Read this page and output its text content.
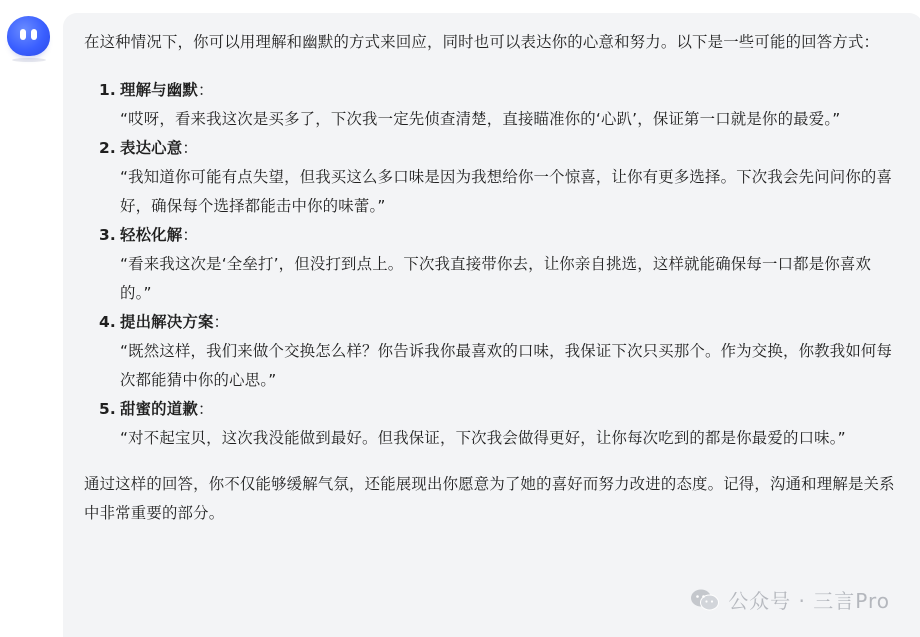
在这种情况下，你可以用理解和幽默的方式来回应，同时也可以表达你的心意和努力。以下是一些可能的回答方式：

1. 理解与幽默：
“哎呀，看来我这次是买多了，下次我一定先侦查清楚，直接瞄准你的‘心趴’，保证第一口就是你的最爱。”
2. 表达心意：
“我知道你可能有点失望，但我买这么多口味是因为我想给你一个惊喜，让你有更多选择。下次我会先问问你的喜好，确保每个选择都能击中你的味蕾。”
3. 轻松化解：
“看来我这次是‘全垒打’，但没打到点上。下次我直接带你去，让你亲自挑选，这样就能确保每一口都是你喜欢的。”
4. 提出解决方案：
“既然这样，我们来做个交换怎么样？你告诉我你最喜欢的口味，我保证下次只买那个。作为交换，你教我如何每次都能猜中你的心思。”
5. 甜蜜的道歉：
“对不起宝贝，这次我没能做到最好。但我保证，下次我会做得更好，让你每次吃到的都是你最爱的口味。”

通过这样的回答，你不仅能够缓解气氛，还能展现出你愿意为了她的喜好而努力改进的态度。记得，沟通和理解是关系中非常重要的部分。

公众号 · 三言Pro
